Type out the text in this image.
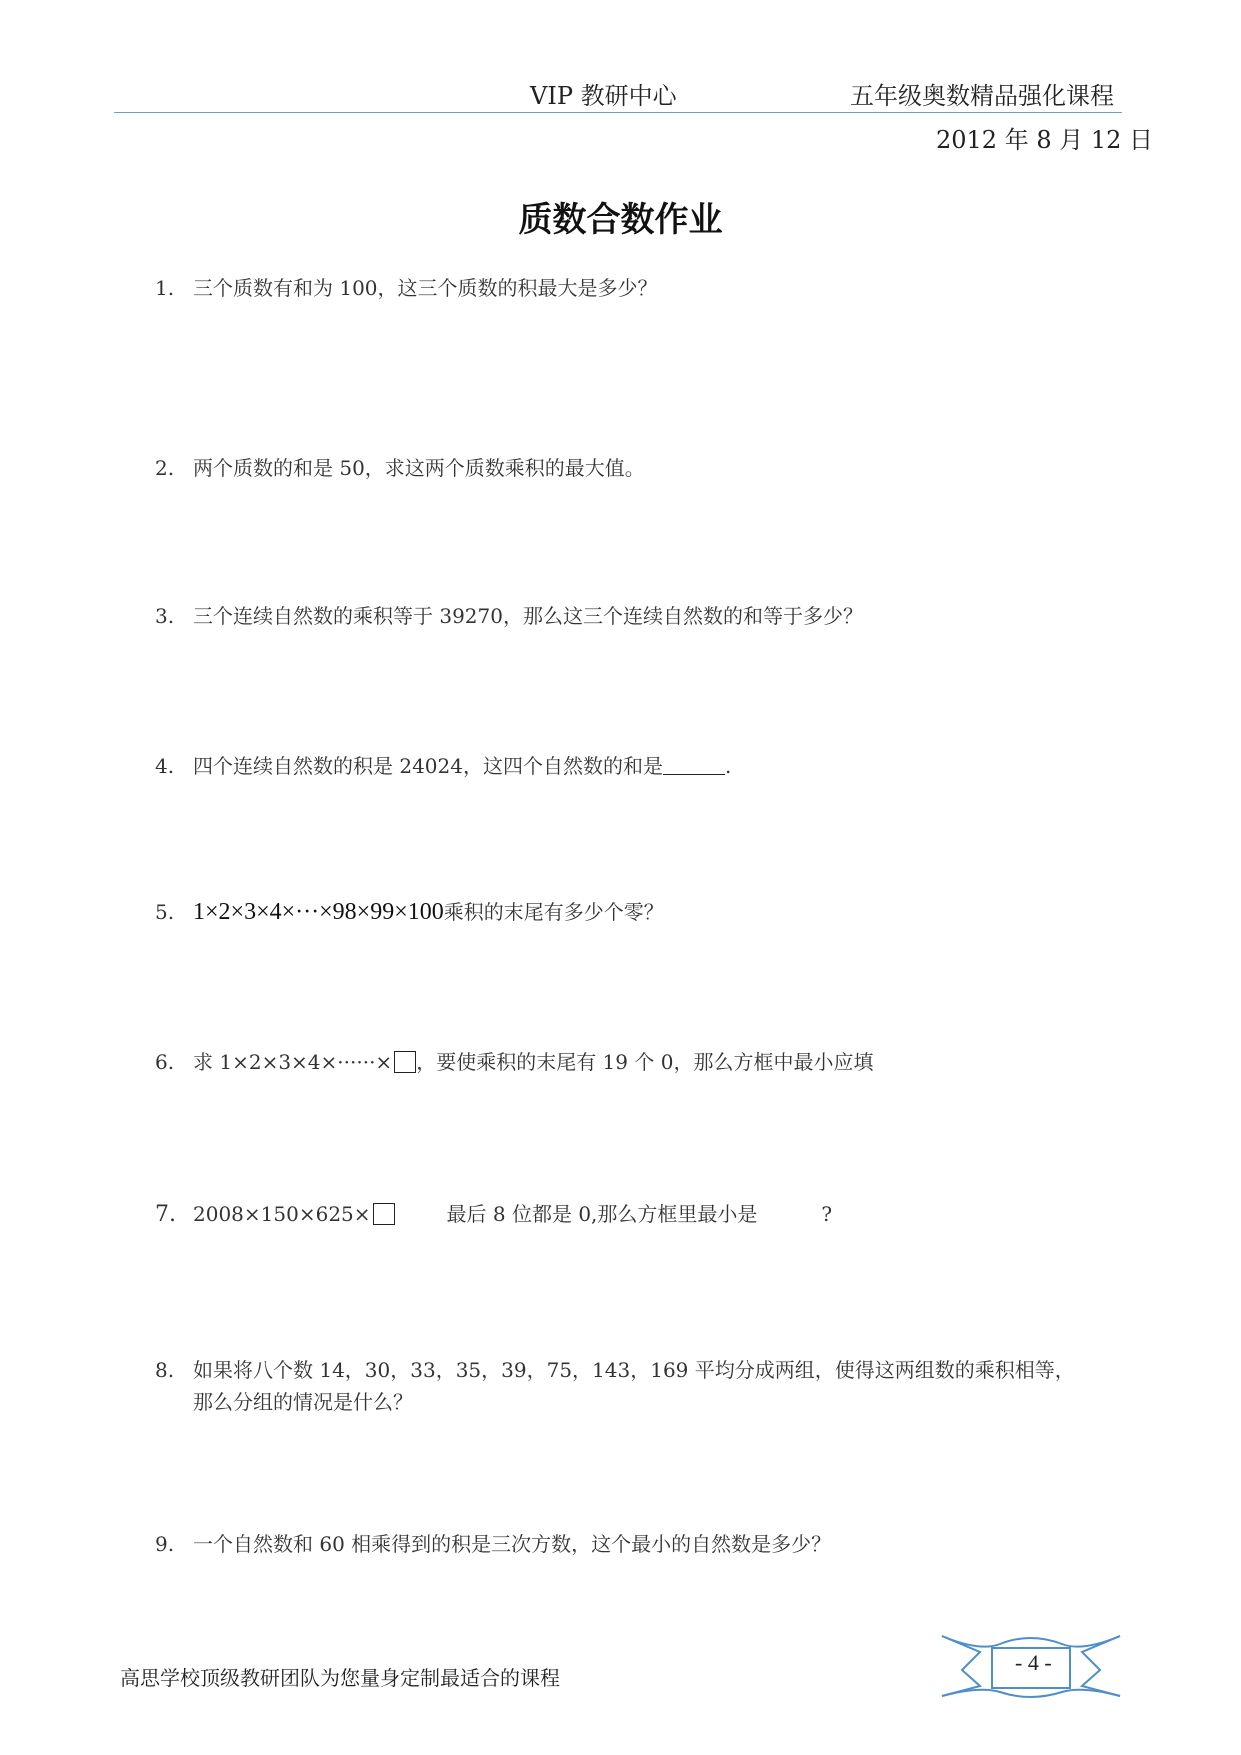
VIP 教研中心	五年级奥数精品强化课程
2012 年 8 月 12 日
质数合数作业
1. 三个质数有和为 100，这三个质数的积最大是多少？
2. 两个质数的和是 50，求这两个质数乘积的最大值。
3. 三个连续自然数的乘积等于 39270，那么这三个连续自然数的和等于多少？
4. 四个连续自然数的积是 24024，这四个自然数的和是	.
5. 1×2×3×4×···×98×99×100乘积的末尾有多少个零？
6. 求 1×2×3×4×······× ，要使乘积的末尾有 19 个 0，那么方框中最小应填
7. 2008×150×625×	最后 8 位都是 0,那么方框里最小是	?
8. 如果将八个数 14，30，33，35，39，75，143，169 平均分成两组，使得这两组数的乘积相等，
那么分组的情况是什么？
9. 一个自然数和 60 相乘得到的积是三次方数，这个最小的自然数是多少？
高思学校顶级教研团队为您量身定制最适合的课程
- 4 -
